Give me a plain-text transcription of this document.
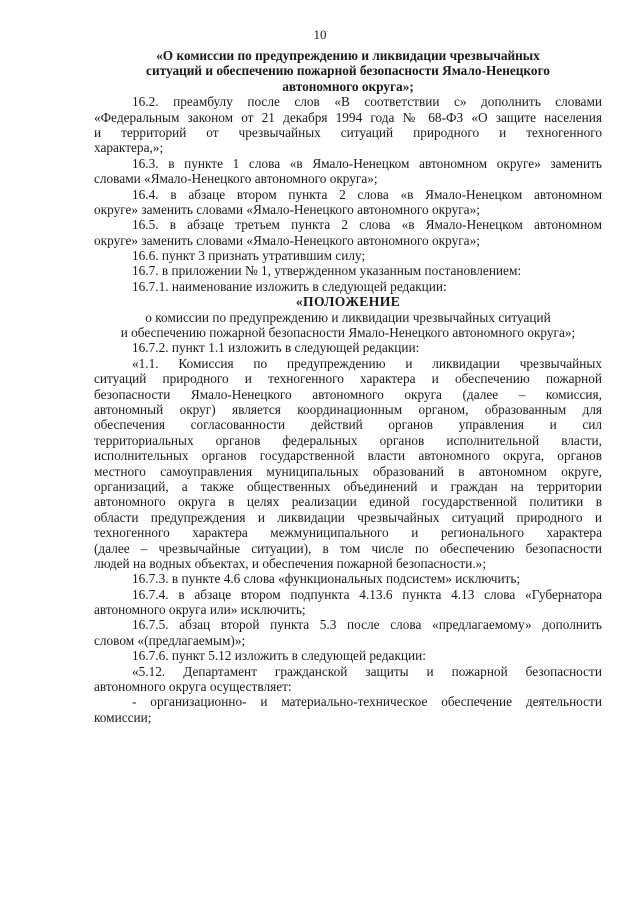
10
«О комиссии по предупреждению и ликвидации чрезвычайных
ситуаций и обеспечению пожарной безопасности Ямало-Ненецкого
автономного округа»;
16.2. преамбулу после слов «В соответствии с» дополнить словами
«Федеральным законом от 21 декабря 1994 года № 68-ФЗ «О защите населения
и территорий от чрезвычайных ситуаций природного и техногенного
характера,»;
16.3. в пункте 1 слова «в Ямало-Ненецком автономном округе» заменить
словами «Ямало-Ненецкого автономного округа»;
16.4. в абзаце втором пункта 2 слова «в Ямало-Ненецком автономном
округе» заменить словами «Ямало-Ненецкого автономного округа»;
16.5. в абзаце третьем пункта 2 слова «в Ямало-Ненецком автономном
округе» заменить словами «Ямало-Ненецкого автономного округа»;
16.6. пункт 3 признать утратившим силу;
16.7. в приложении № 1, утвержденном указанным постановлением:
16.7.1. наименование изложить в следующей редакции:
«ПОЛОЖЕНИЕ
о комиссии по предупреждению и ликвидации чрезвычайных ситуаций
и обеспечению пожарной безопасности Ямало-Ненецкого автономного округа»;
16.7.2. пункт 1.1 изложить в следующей редакции:
«1.1. Комиссия по предупреждению и ликвидации чрезвычайных
ситуаций природного и техногенного характера и обеспечению пожарной
безопасности Ямало-Ненецкого автономного округа (далее – комиссия,
автономный округ) является координационным органом, образованным для
обеспечения согласованности действий органов управления и сил
территориальных органов федеральных органов исполнительной власти,
исполнительных органов государственной власти автономного округа, органов
местного самоуправления муниципальных образований в автономном округе,
организаций, а также общественных объединений и граждан на территории
автономного округа в целях реализации единой государственной политики в
области предупреждения и ликвидации чрезвычайных ситуаций природного и
техногенного характера межмуниципального и регионального характера
(далее – чрезвычайные ситуации), в том числе по обеспечению безопасности
людей на водных объектах, и обеспечения пожарной безопасности.»;
16.7.3. в пункте 4.6 слова «функциональных подсистем» исключить;
16.7.4. в абзаце втором подпункта 4.13.6 пункта 4.13 слова «Губернатора
автономного округа или» исключить;
16.7.5. абзац второй пункта 5.3 после слова «предлагаемому» дополнить
словом «(предлагаемым)»;
16.7.6. пункт 5.12 изложить в следующей редакции:
«5.12. Департамент гражданской защиты и пожарной безопасности
автономного округа осуществляет:
- организационно- и материально-техническое обеспечение деятельности
комиссии;
